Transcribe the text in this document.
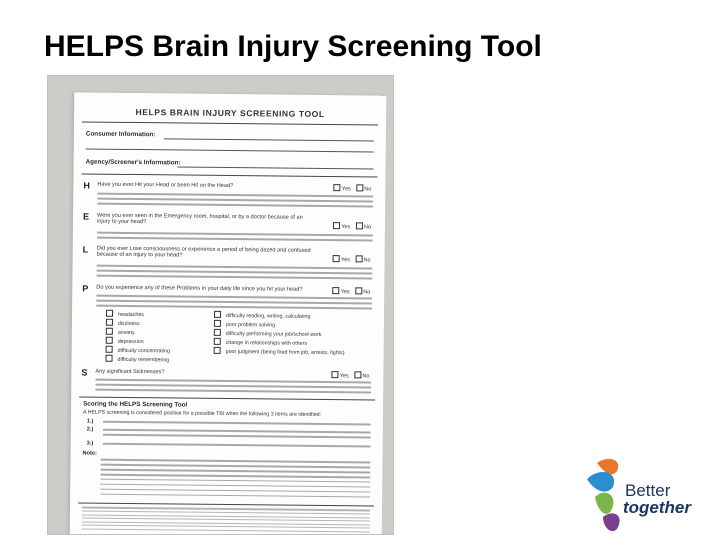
HELPS Brain Injury Screening Tool
HELPS BRAIN INJURY SCREENING TOOL
Consumer Information:
Agency/Screener's Information:
H Have you ever Hit your Head or been Hit on the Head?
Yes No
E Were you ever seen in the Emergency room, hospital, or by a doctor because of an injury to your head?
Yes No
L Did you ever Lose consciousness or experience a period of being dazed and confused because of an injury to your head?
Yes No
P Do you experience any of these Problems in your daily life since you hit your head?	Yes No
headaches
dizziness
anxiety
depression
difficulty concentrating
difficulty remembering
difficulty reading, writing, calculating
poor problem solving
difficulty performing your job/school work
change in relationships with others
poor judgment (being fired from job, arrests, fights)
S Any significant Sicknesses?
Yes No
Scoring the HELPS Screening Tool
A HELPS screening is considered positive for a possible TBI when the following 3 items are identified:
1.)
2.)
3.)
Note:
Better
together
